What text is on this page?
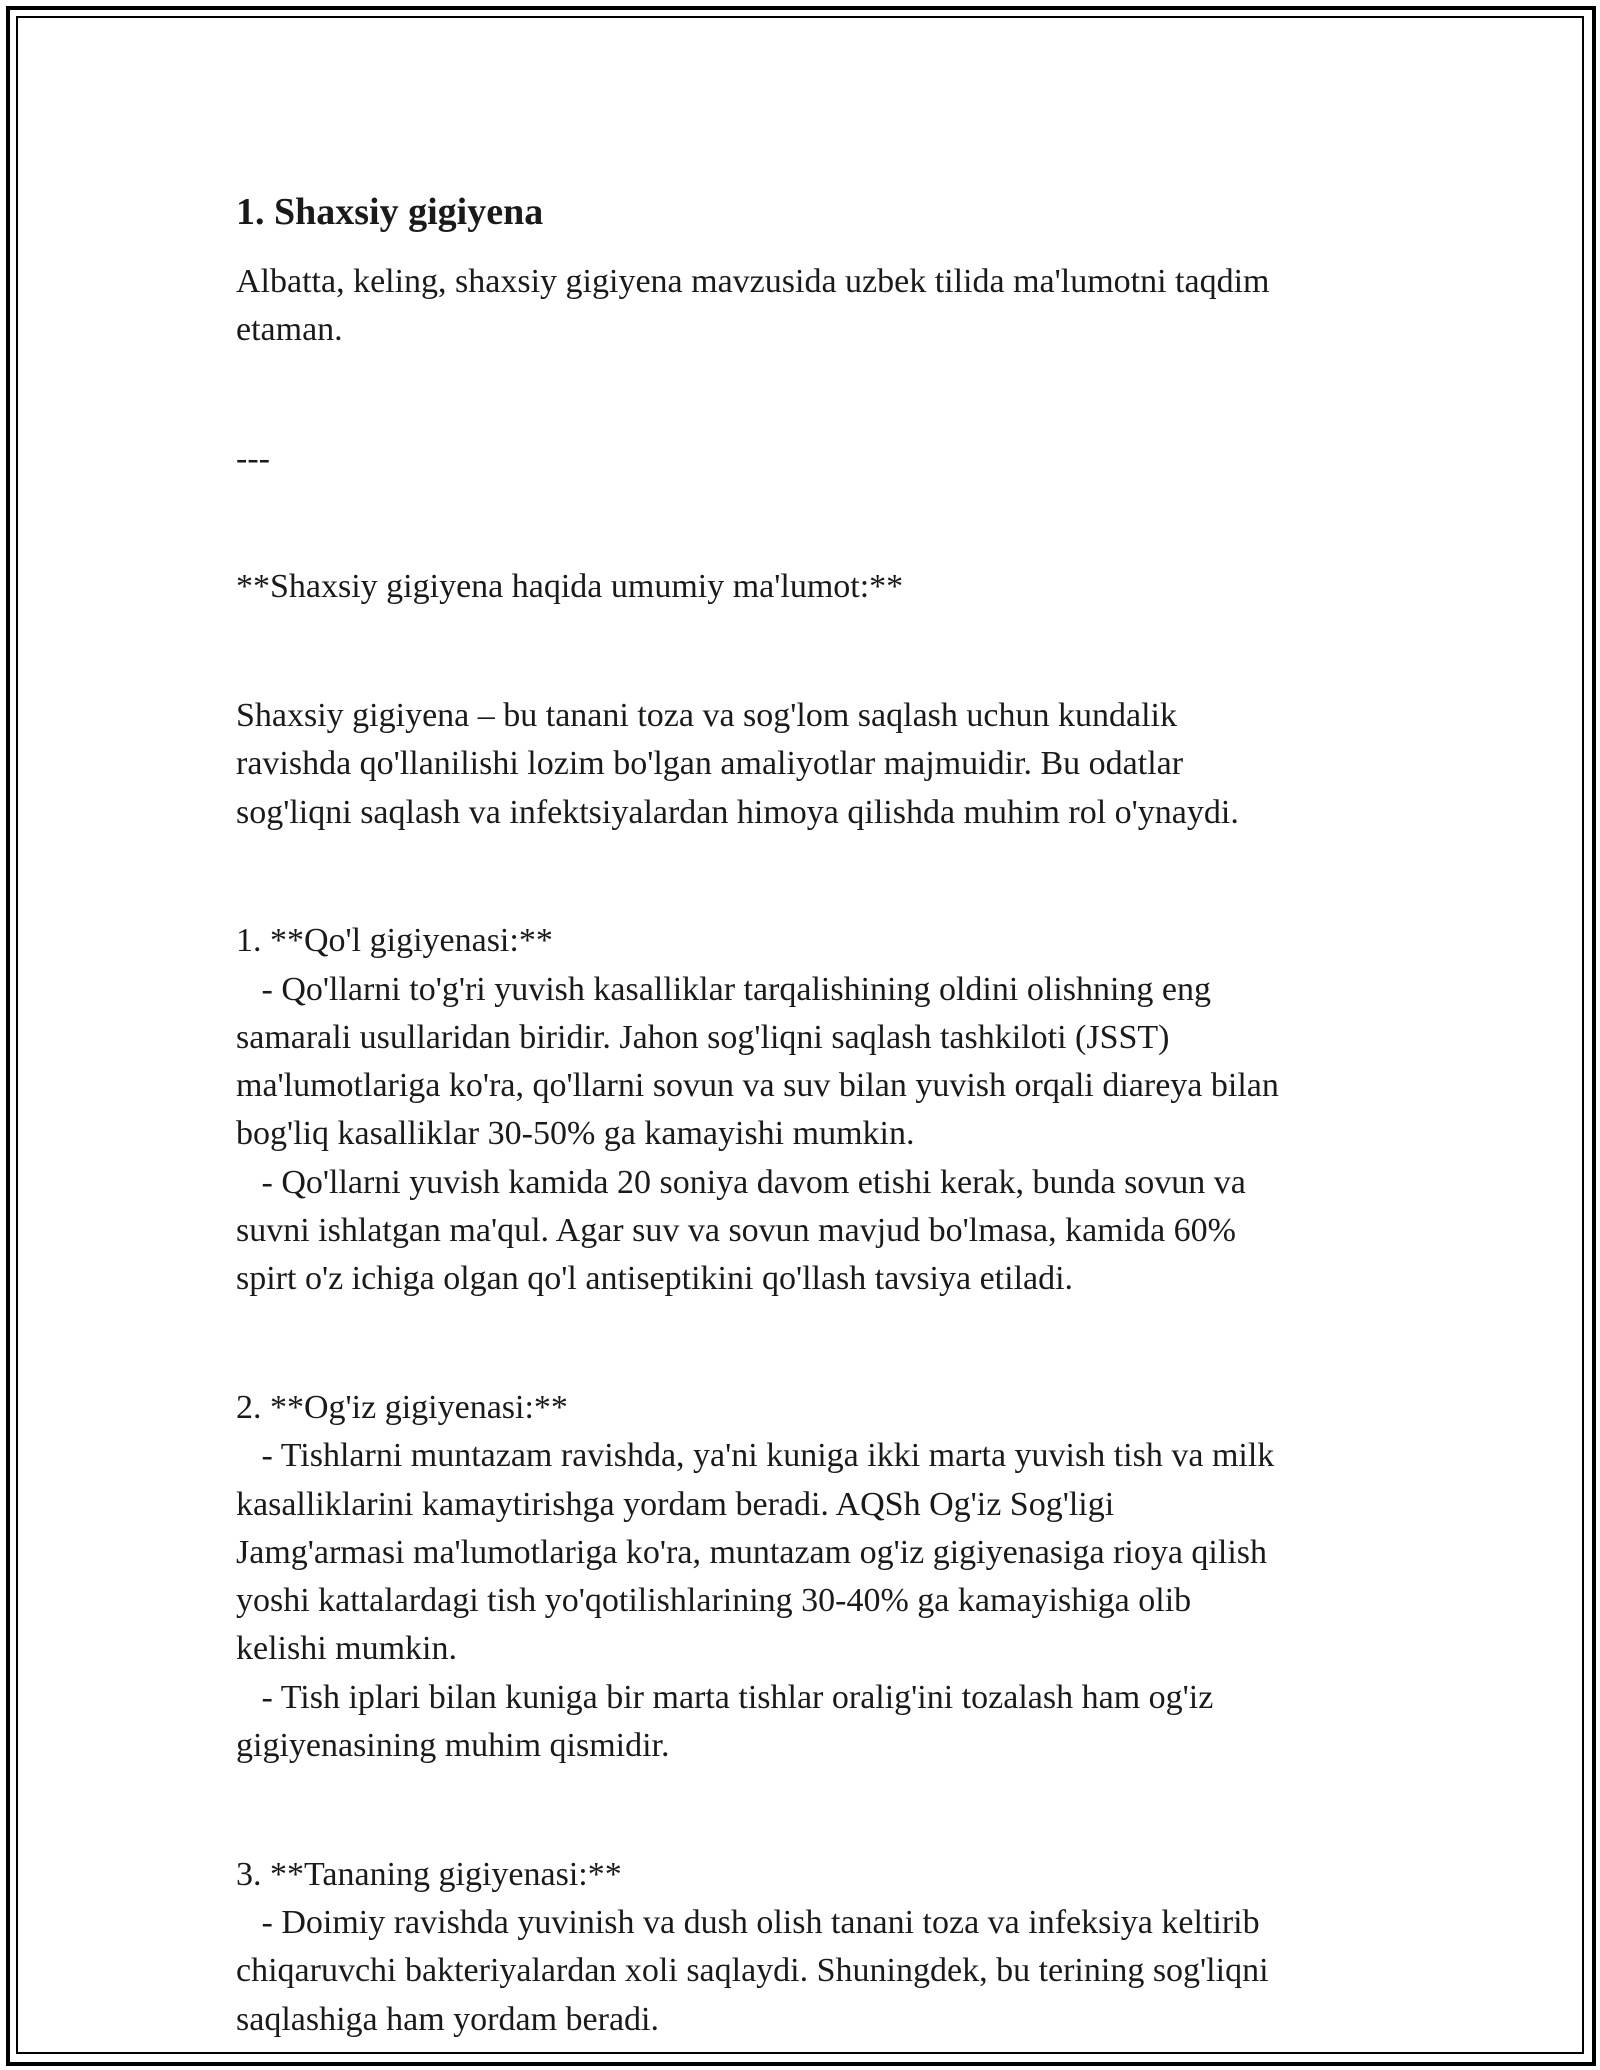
1. Shaxsiy gigiyena

Albatta, keling, shaxsiy gigiyena mavzusida uzbek tilida ma'lumotni taqdim

etaman.

---

**Shaxsiy gigiyena haqida umumiy ma'lumot:**

Shaxsiy gigiyena – bu tanani toza va sog'lom saqlash uchun kundalik

ravishda qo'llanilishi lozim bo'lgan amaliyotlar majmuidir. Bu odatlar

sog'liqni saqlash va infektsiyalardan himoya qilishda muhim rol o'ynaydi.

1. **Qo'l gigiyenasi:**

- Qo'llarni to'g'ri yuvish kasalliklar tarqalishining oldini olishning eng

samarali usullaridan biridir. Jahon sog'liqni saqlash tashkiloti (JSST)

ma'lumotlariga ko'ra, qo'llarni sovun va suv bilan yuvish orqali diareya bilan

bog'liq kasalliklar 30-50% ga kamayishi mumkin.

- Qo'llarni yuvish kamida 20 soniya davom etishi kerak, bunda sovun va

suvni ishlatgan ma'qul. Agar suv va sovun mavjud bo'lmasa, kamida 60%

spirt o'z ichiga olgan qo'l antiseptikini qo'llash tavsiya etiladi.

2. **Og'iz gigiyenasi:**

- Tishlarni muntazam ravishda, ya'ni kuniga ikki marta yuvish tish va milk

kasalliklarini kamaytirishga yordam beradi. AQSh Og'iz Sog'ligi

Jamg'armasi ma'lumotlariga ko'ra, muntazam og'iz gigiyenasiga rioya qilish

yoshi kattalardagi tish yo'qotilishlarining 30-40% ga kamayishiga olib

kelishi mumkin.

- Tish iplari bilan kuniga bir marta tishlar oralig'ini tozalash ham og'iz

gigiyenasining muhim qismidir.

3. **Tananing gigiyenasi:**

- Doimiy ravishda yuvinish va dush olish tanani toza va infeksiya keltirib

chiqaruvchi bakteriyalardan xoli saqlaydi. Shuningdek, bu terining sog'liqni

saqlashiga ham yordam beradi.
